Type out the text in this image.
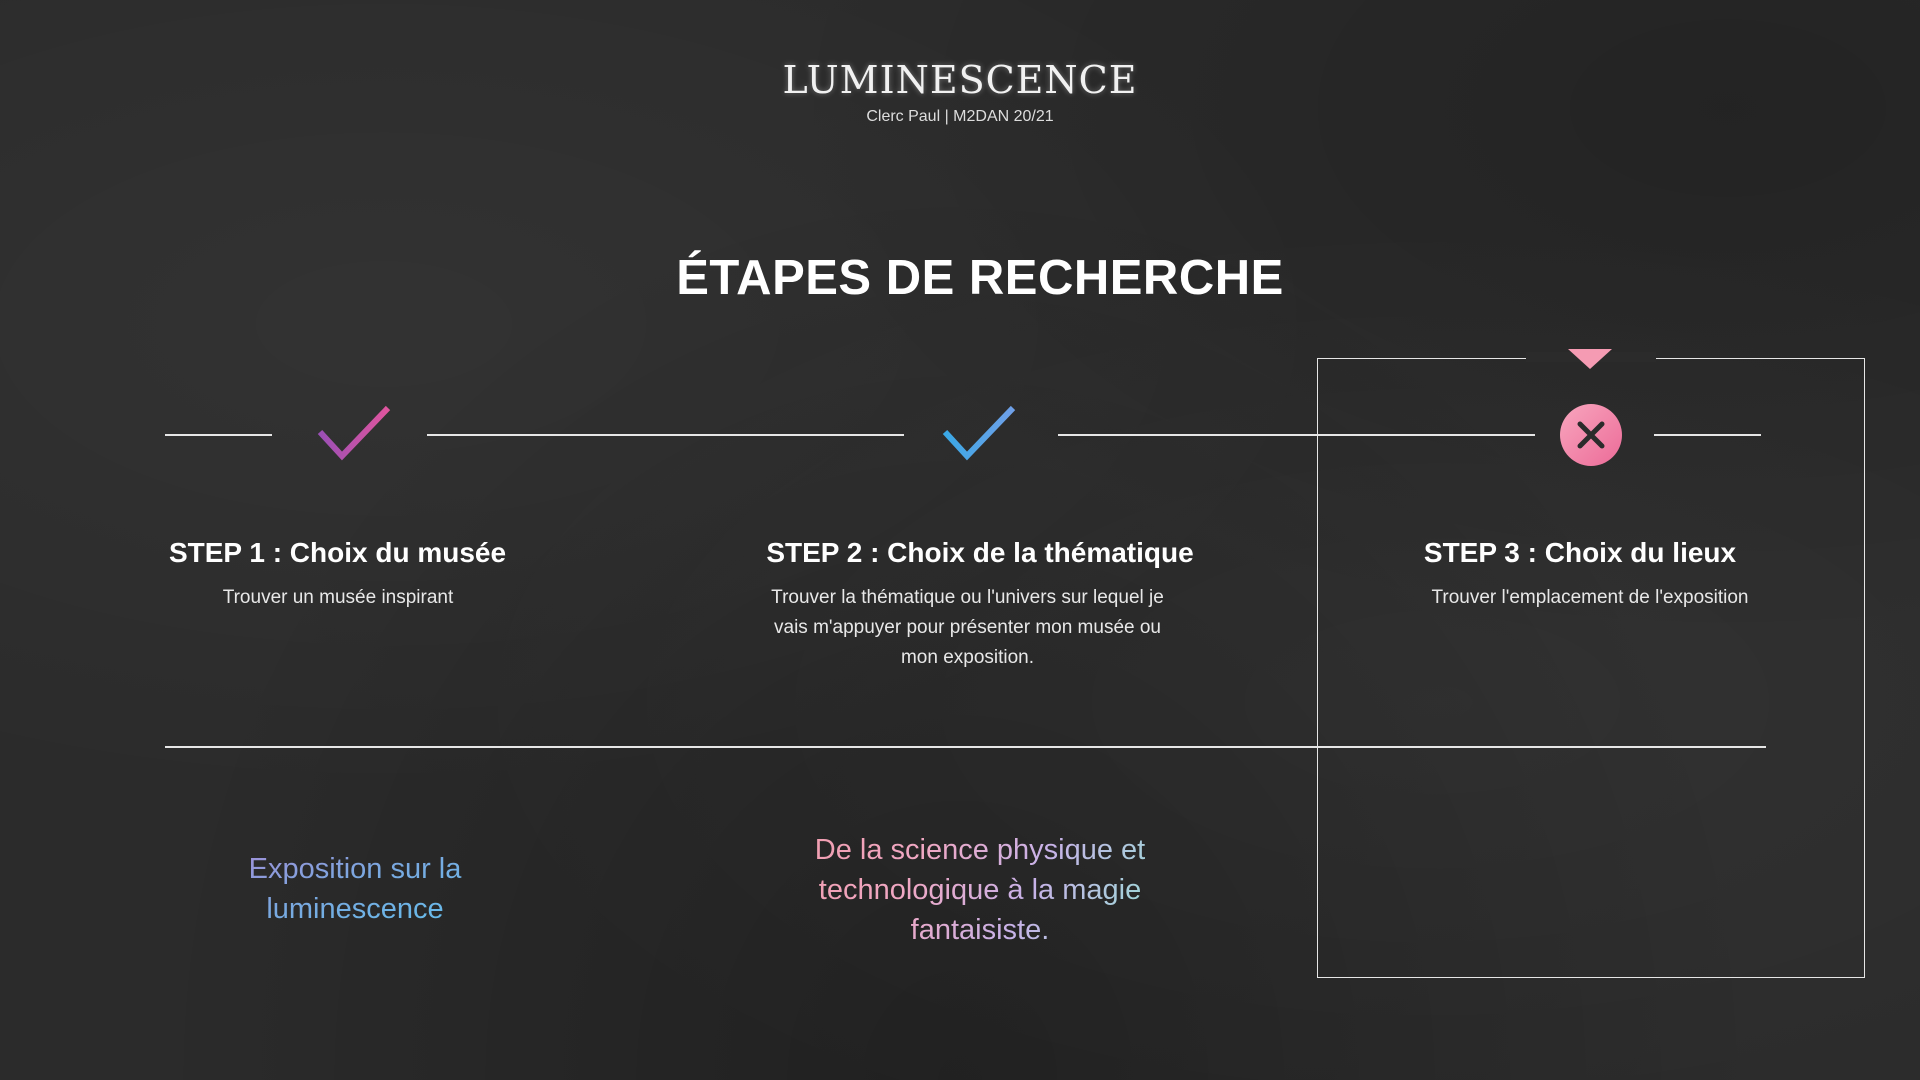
LUMINESCENCE
Clerc Paul | M2DAN 20/21
ÉTAPES DE RECHERCHE
STEP 1 : Choix du musée	STEP 2 : Choix de la thématique	STEP 3 : Choix du lieux
Trouver un musée inspirant	Trouver la thématique ou l'univers sur lequel je vais m'appuyer pour présenter mon musée ou mon exposition.
Trouver l'emplacement de l'exposition
Exposition sur la luminescence
De la science physique et technologique à la magie fantaisiste.
